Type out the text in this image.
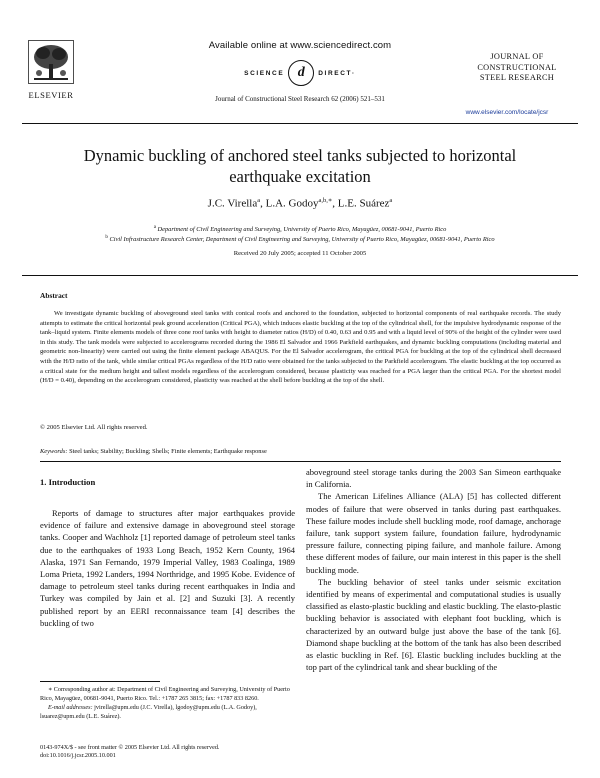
ELSEVIER
Available online at www.sciencedirect.com
SCIENCE d	DIRECT·
Journal of Constructional Steel Research 62 (2006) 521–531
JOURNAL OF
CONSTRUCTIONAL
STEEL RESEARCH
www.elsevier.com/locate/jcsr
Dynamic buckling of anchored steel tanks subjected to horizontal
earthquake excitation
J.C. Virella$^a$, L.A. Godoy$^{a,b,∗}$, L.E. Suárez$^a$
$^a$ Department of Civil Engineering and Surveying, University of Puerto Rico, Mayagüez, 00681-9041, Puerto Rico
$^b$ Civil Infrastructure Research Center, Department of Civil Engineering and Surveying, University of Puerto Rico, Mayagüez, 00681-9041, Puerto Rico
Received 20 July 2005; accepted 11 October 2005
Abstract
We investigate dynamic buckling of aboveground steel tanks with conical roofs and anchored to the foundation, subjected to horizontal components of real earthquake records. The study attempts to estimate the critical horizontal peak ground acceleration (Critical PGA), which induces elastic buckling at the top of the cylindrical shell, for the impulsive hydrodynamic response of the tank–liquid system. Finite elements models of three cone roof tanks with height to diameter ratios (H/D) of 0.40, 0.63 and 0.95 and with a liquid level of 90% of the height of the cylinder were used in this study. The tank models were subjected to accelerograms recorded during the 1986 El Salvador and 1966 Parkfield earthquakes, and dynamic buckling computations (including material and geometric non-linearity) were carried out using the finite element package ABAQUS. For the El Salvador accelerogram, the critical PGA for buckling at the top of the cylindrical shell decreased with the H/D ratio of the tank, while similar critical PGAs regardless of the H/D ratio were obtained for the tanks subjected to the Parkfield accelerogram. The elastic buckling at the top occurred as a critical state for the medium height and tallest models regardless of the accelerogram considered, because plasticity was reached for a PGA larger than the critical PGA. For the shortest model (H/D = 0.40), depending on the accelerogram considered, plasticity was reached at the shell before buckling at the top of the shell.
© 2005 Elsevier Ltd. All rights reserved.
Keywords: Steel tanks; Stability; Buckling; Shells; Finite elements; Earthquake response
1. Introduction

Reports of damage to structures after major earthquakes provide evidence of failure and extensive damage in aboveground steel storage tanks. Cooper and Wachholz [1] reported damage of petroleum steel tanks due to the earthquakes of 1933 Long Beach, 1952 Kern County, 1964 Alaska, 1971 San Fernando, 1979 Imperial Valley, 1983 Coalinga, 1989 Loma Prieta, 1992 Landers, 1994 Northridge, and 1995 Kobe. Evidence of damage to petroleum steel tanks during recent earthquakes in India and Turkey was compiled by Jain et al. [2] and Suzuki [3]. A recently published report by an EERI reconnaissance team [4] describes the buckling of two

aboveground steel storage tanks during the 2003 San Simeon earthquake in California.

The American Lifelines Alliance (ALA) [5] has collected different modes of failure that were observed in tanks during past earthquakes. These failure modes include shell buckling mode, roof damage, anchorage failure, tank support system failure, foundation failure, hydrodynamic pressure failure, connecting piping failure, and manhole failure. Among these different modes of failure, our main interest in this paper is the shell buckling mode.

The buckling behavior of steel tanks under seismic excitation identified by means of experimental and computational studies is usually classified as elasto-plastic buckling and elastic buckling. The elasto-plastic buckling behavior is associated with elephant foot buckling, which is characterized by an outward bulge just above the base of the tank [6]. Diamond shape buckling at the bottom of the tank has also been described as elastic buckling in Ref. [6]. Elastic buckling includes buckling at the top part of the cylindrical tank and shear buckling of the

∗ Corresponding author at: Department of Civil Engineering and Surveying, University of Puerto Rico, Mayagüez, 00681-9041, Puerto Rico. Tel.: +1787 265 3815; fax: +1787 833 8260.

E-mail addresses: jvirella@upm.edu (J.C. Virella), lgodoy@upm.edu (L.A. Godoy), lsuarez@upm.edu (L.E. Suárez).

0143-974X/$ - see front matter © 2005 Elsevier Ltd. All rights reserved.
doi:10.1016/j.jcsr.2005.10.001
